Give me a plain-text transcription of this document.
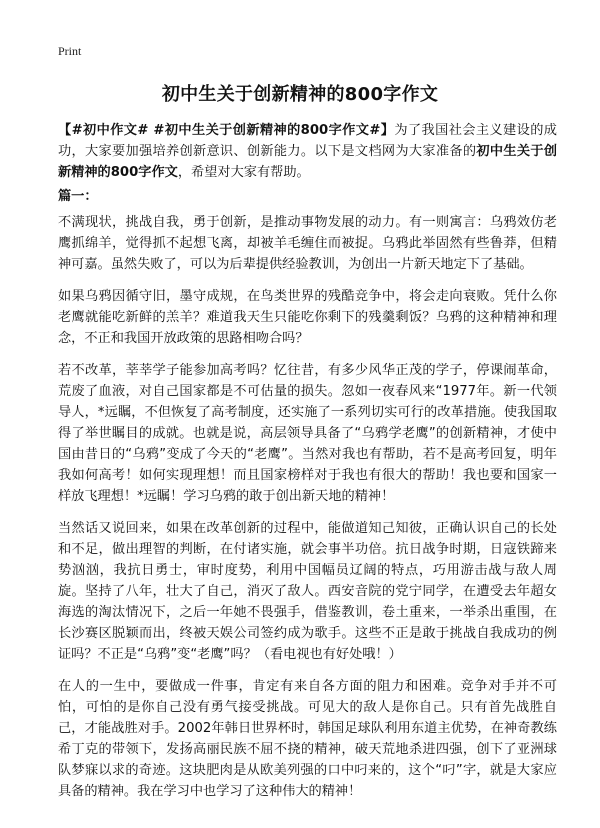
Print
初中生关于创新精神的800字作文
【#初中作文# #初中生关于创新精神的800字作文#】为了我国社会主义建设的成功，大家要加强培养创新意识、创新能力。以下是文档网为大家准备的初中生关于创新精神的800字作文，希望对大家有帮助。
篇一：

不满现状，挑战自我，勇于创新，是推动事物发展的动力。有一则寓言：乌鸦效仿老鹰抓绵羊，觉得抓不起想飞离，却被羊毛缠住而被捉。乌鸦此举固然有些鲁莽，但精神可嘉。虽然失败了，可以为后辈提供经验教训，为创出一片新天地定下了基础。

如果乌鸦因循守旧，墨守成规，在鸟类世界的残酷竞争中，将会走向衰败。凭什么你老鹰就能吃新鲜的羔羊？难道我天生只能吃你剩下的残羹剩饭？乌鸦的这种精神和理念，不正和我国开放政策的思路相吻合吗？

若不改革，莘莘学子能参加高考吗？忆往昔，有多少风华正茂的学子，停课闹革命，荒废了血液，对自己国家都是不可估量的损失。忽如一夜春风来“1977年。新一代领导人，*远瞩，不但恢复了高考制度，还实施了一系列切实可行的改革措施。使我国取得了举世瞩目的成就。也就是说，高层领导具备了“乌鸦学老鹰”的创新精神，才使中国由昔日的“乌鸦”变成了今天的“老鹰”。当然对我也有帮助，若不是高考回复，明年我如何高考！如何实现理想！而且国家榜样对于我也有很大的帮助！我也要和国家一样放飞理想！*远瞩！学习乌鸦的敢于创出新天地的精神！

当然话又说回来，如果在改革创新的过程中，能做道知己知彼，正确认识自己的长处和不足，做出理智的判断，在付诸实施，就会事半功倍。抗日战争时期，日寇铁蹄来势汹汹，我抗日勇士，审时度势，利用中国幅员辽阔的特点，巧用游击战与敌人周旋。坚持了八年，壮大了自己，消灭了敌人。西安音院的党宁同学，在遭受去年超女海选的淘汰情况下，之后一年她不畏强手，借鉴教训，卷土重来，一举杀出重围，在长沙赛区脱颖而出，终被天娱公司签约成为歌手。这些不正是敢于挑战自我成功的例证吗？不正是“乌鸦”变“老鹰”吗？（看电视也有好处哦！）

在人的一生中，要做成一件事，肯定有来自各方面的阻力和困难。竞争对手并不可怕，可怕的是你自己没有勇气接受挑战。可见大的敌人是你自己。只有首先战胜自己，才能战胜对手。2002年韩日世界杯时，韩国足球队利用东道主优势，在神奇教练希丁克的带领下，发扬高丽民族不屈不挠的精神，破天荒地杀进四强，创下了亚洲球队梦寐以求的奇迹。这块肥肉是从欧美列强的口中叼来的，这个“叼”字，就是大家应具备的精神。我在学习中也学习了这种伟大的精神！
